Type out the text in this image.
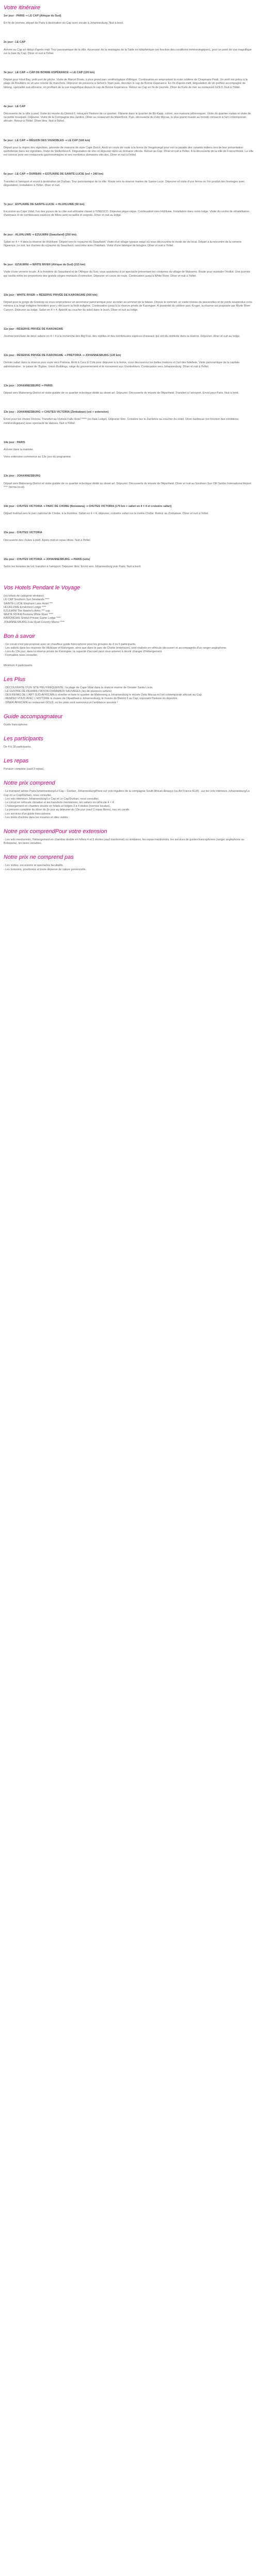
Votre itinéraire

1er jour : PARIS ⇢ LE CAP (Afrique du Sud)

En fin de journée, départ de Paris à destination du Cap avec escale à Johannesburg. Nuit à bord.

2e jour : LE CAP

Arrivée au Cap en début d'après-midi. Tour panoramique de la ville. Ascension de la montagne de la Table en téléphérique (en fonction des conditions météorologiques), pour un point de vue magnifique sur la baie du Cap. Dîner et nuit à l'hôtel.

3e jour : LE CAP ⇢ CAP DE BONNE ESPÉRANCE ⇢ LE CAP (120 km)

Départ pour Hout Bay, petit port de pêche. Visite de Marcel Boats, à plus grand parc ornithologique d'Afrique. Continuation en empruntant la route sublime de Chapmans Peak. Un arrêt est prévu à la plage de Boulders où vit une colonie de manchots. Déjeuner de poissons à Simon's Town puis, direction le cap de Bonne Espérance. En fin d'après-midi, dégustation de vin préféré accompagné de biltong, spécialité sud-africaine, en profitant de la vue magnifique depuis le cap de Bonne Espérance. Retour au Cap en fin de journée. Dîner de fruits de mer au restaurant GOLD. Nuit à l'hôtel.

4e jour : LE CAP

Découverte de la ville à pied. Visite du musée du District 6, retraçant l'histoire de ce quartier. Flânerie dans le quartier de Bo-Kaap, coloré, aux maisons pittoresques. Visite du quartier malais et visite de sa petite mosquée. Déjeuner. Visite de la Compagnie des Jardins. Dîner au restaurant du Waterfront. Puis, découverte du Zeitz Mocaa, le plus grand musée au monde consacré à l'art contemporain africain. Retour à l'hôtel. Dîner libre. Nuit à l'hôtel.

5e jour : LE CAP ⇢ RÉGION DES VIGNOBLES ⇢ LE CAP (160 km)

Départ pour la région des vignobles, jalonnée de maisons de style Cape Dutch. Arrêt en cours de route à la ferme de Vergenoegd pour voir la parade des canards indiens lors de leur présentation quotidienne dans les vignobles. Visite de Stellenbosch. Dégustation de vins et déjeuner dans un domaine viticole. Retour au Cap. Dîner et nuit à l'hôtel. À la découverte de la ville de Franschhoek. La ville est connue pour ses restaurants gastronomiques et ses nombreux domaines viticoles. Dîner et nuit à l'hôtel.

6e jour : LE CAP ⇢ DURBAN ⇢ ESTUAIRE DE SAINTE-LUCIE (vol + 240 km)

Transfert à l'aéroport et envol à destination de Durban. Tour panoramique de la ville. Route vers la réserve marine de Sainte-Lucie. Déjeuner et visite d'une ferme où l'on produit des fromages avec dégustation. Installation à l'hôtel, dîner et nuit.

7e jour : ESTUAIRE DE SAINTE-LUCIE ⇢ HLUHLUWE (90 km)

Excursion au Cape Vidal, l'un des joyaux de la côte sud-africaine classé à l'UNESCO. Déjeuner pique-nique. Continuation vers Hluhluwe. Installation dans notre lodge. Visite du centre de réhabilitation d'animaux et de nombreuses espèces de félins sont recueillis et soignés. Dîner et nuit au lodge.

8e jour : HLUHLUWE ⇢ EZULWINI (Swaziland) (250 km)

Safari en 4 × 4 dans la réserve de Hluhluwe. Départ vers le royaume du Swaziland. Visite d'un village typique swazi où vous découvrirez le mode de vie local. Départ à la rencontre de la verrerie Ngwenya. Le soir, les chaînes du royaume du Swaziland, rencontre avec l'habitant. Visite d'une fabrique de bougies. Dîner et nuit à l'hôtel.

9e jour : EZULWINI ⇢ WHITE RIVER (Afrique du Sud) (215 km)

Visite d'une verrerie locale. À la frontière du Swaziland et de l'Afrique du Sud, vous assisterez à un spectacle présentant les costumes du village de Matsamo. Route pour rejoindre l'Hotlist. Une journée qui oscille entre les proportions des grands singes menacés d'extinction. Déjeuner en cours de route. Continuation jusqu'à White River. Dîner et nuit à l'hôtel.

10e jour : WHITE RIVER ⇢ RÉSERVE PRIVÉE DE KARONGWE (300 km)

Départ pour la gorge de Graskop où vous emprunterez un ascenseur panoramique pour accéder au sommet de la falaise. Depuis le sommet, un vaste réseau de passerelles et de ponts suspendus vous mènera à la forge indigène forestière pour y découvrir la forêt indigène. Continuation jusqu'à la réserve privée de Karongwe. À proximité du célèbre parc Kruger, la réserve est proposée par Blyde River Canyon. Déjeuner au lodge. Safari en 4 × 4. Apéritif au coucher du soleil dans le bush. Dîner et nuit au lodge.

11e jour : RÉSERVE PRIVÉE DE KARONGWE

Journée ponctuée de deux safaris en 4 × 4 à la recherche des Big Five, des reptiles et des nombreuses espèces d'oiseaux qui ont élu domicile dans la réserve. Déjeuner, dîner et nuit au lodge.

12e jour : RÉSERVE PRIVÉE DE KARONGWE ⇢ PRETORIA ⇢ JOHANNESBURG (130 km)

Dernier safari dans la réserve puis route vers Pretoria. Arrêt à Cera & Cola pour déjeuner à la ferme, vous découvrirez les belles maisons et l'art des Ndebele. Visite panoramique de la capitale administrative : le palais de l'Église, Union Buildings, siège du gouvernement et le monument aux Voortrekkers. Continuation vers Johannesburg. Dîner et nuit à l'hôtel.

13e jour : JOHANNESBURG ⇢ PARIS

Départ vers Maboneng District et visite guidée de ce quartier éclectique dédié au street art. Déjeuner. Découverte du musée de l'Apartheid. Transfert à l'aéroport. Envol pour Paris. Nuit à bord.

13e jour : JOHANNESBURG ⇢ CHUTES VICTORIA (Zimbabwe) (vol + extension)

Envol pour les chutes Victoria. Transfert au Victoria Falls Hotel ***** (ou Ilala Lodge). Déjeuner libre. Croisière sur le Zambèze au coucher du soleil. Dîner barbecue (en fonction des conditions météorologiques) avec spectacle de danses. Nuit à l'hôtel.

14e jour : PARIS

Arrivée dans la matinée.

Votre extension commence au 13e jour du programme.

13e jour : JOHANNESBURG

Départ vers Maboneng District et visite guidée de ce quartier éclectique dédié au street art. Déjeuner. Découverte du musée de l'Apartheid. Dîner et nuit au Southern Sun OR Tambo International Airport **** (terme local).

14e jour : CHUTES VICTORIA ⇢ PARC DE CHOBE (Botswana) ⇢ CHUTES VICTORIA (170 km + safari en 4 × 4 et croisière safari)

Départ matinal vers le parc national de Chobe, à la frontière. Safari en 4 × 4, déjeuner, croisière safari sur la rivière Chobe. Retour au Zimbabwe. Dîner et nuit à l'hôtel.

15e jour : CHUTES VICTORIA

Découverte des chutes à pied. Après-midi et repas libres. Nuit à l'hôtel.

16e jour : CHUTES VICTORIA ⇢ JOHANNESBURG ⇢ PARIS (vols)

Selon les horaires de vol, transfert à l'aéroport. Déjeuner libre. Envol vers Johannesburg puis Paris. Nuit à bord.

Vos Hotels Pendant le Voyage

(ou hôtels de catégorie similaire)

LE CAP Southern Sun Newlands ****

SAINTE-LUCIE Elephant Lake Hotel ***

HLUHLUWE Emdoneni Lodge ****

EZULWINI The Hawlor's Arms *** sup

WHITE RIVER Pestana White River ****

KARONGWE Shiduli Private Game Lodge ****

JOHANNESBURG Zula Hyatt Country Manor ****

Bon à savoir

- Ce circuit n'est pas proposé avec un chauffeur-guide francophone pour les groupes de 4 ou 5 participants.

- Les safaris dans les réserves de Hluhluwe et Karongwe, ainsi que dans le parc de Chobe (extension), sont réalisés en véhicule découvert et accompagnés d'un ranger anglophone.

- Lors du 13e jour, dans la réserve privée de Karongwe, la capacité d'accueil peut nous amener à devoir changer d'hébergement.

- Formalités nous consulter.

Minimum 4 participants.

Les Plus

- DÉCOUVERTE D'UN SITE PEU FRÉQUENTÉ : la plage de Cape Vidal dans la réserve marine de Greater Santa Lucia.

- LE CENTRE DE RÉHABILITATION D'ANIMAUX SAUVAGES (les de plusieurs safaris).

- DES REPAS DE L'ART SUD-AFRICAIN à réveiller et faire le quartier de Maboneng à Johannesburg le musée Zeitz Mocaa et l'art contemporain africain au Cap.

- RENDEZ-VOUS AVEC L'HISTOIRE le musée de l'Apartheid à Johannesburg, le musée du District 6 au Cap, exposant l'histoire du déportés.

- DÎNER AFRICAIN au restaurant GOLD, où les plats sont savoureux et l'ambiance assurée !

Guide accompagnateur

Guide francophone.

Les participants

De 4 à 18 participants.

Les repas

Pension complète (sauf 3 repas).

Notre prix comprend

- Le transport aérien Paris/Johannesburg/Le Cap – Durban, Johannesburg/Paris sur vols réguliers de la compagnie South African Airways (ou Air France-KLM) : sur les vols intérieurs Johannesburg/Le Cap et Le Cap/Durban, nous consulter.

- Les vols intérieurs Johannesburg/Le Cap et Le Cap/Durban, nous consulter.

- Le circuit en véhicule climatisé et les transferts mentionnés, les safaris en véhicule 4 × 4.

- L'hébergement en chambre double en hôtels et lodges 3 à 4 étoiles (normes locales).

- La pension complète du dîner du 2e jour au déjeuner du 13e jour (sauf 3 repas libres), eau en carafe.

- Les services d'un guide francophone.

- Les droits d'entrée dans les musées et sites visités.

Notre prix comprendPour votre extension

- Les vols mentionnés, l'hébergement en chambre double en hôtels 4 et 5 étoiles (sauf mentionné) ou similaires, les repas mentionnés, les services de guides francophones (ranger anglophone au Botswana), les taxes variables.

Notre prix ne comprend pas

- Les visites, excursions et spectacles facultatifs.

- Les boissons, pourboires et toute dépense de nature personnelle.
